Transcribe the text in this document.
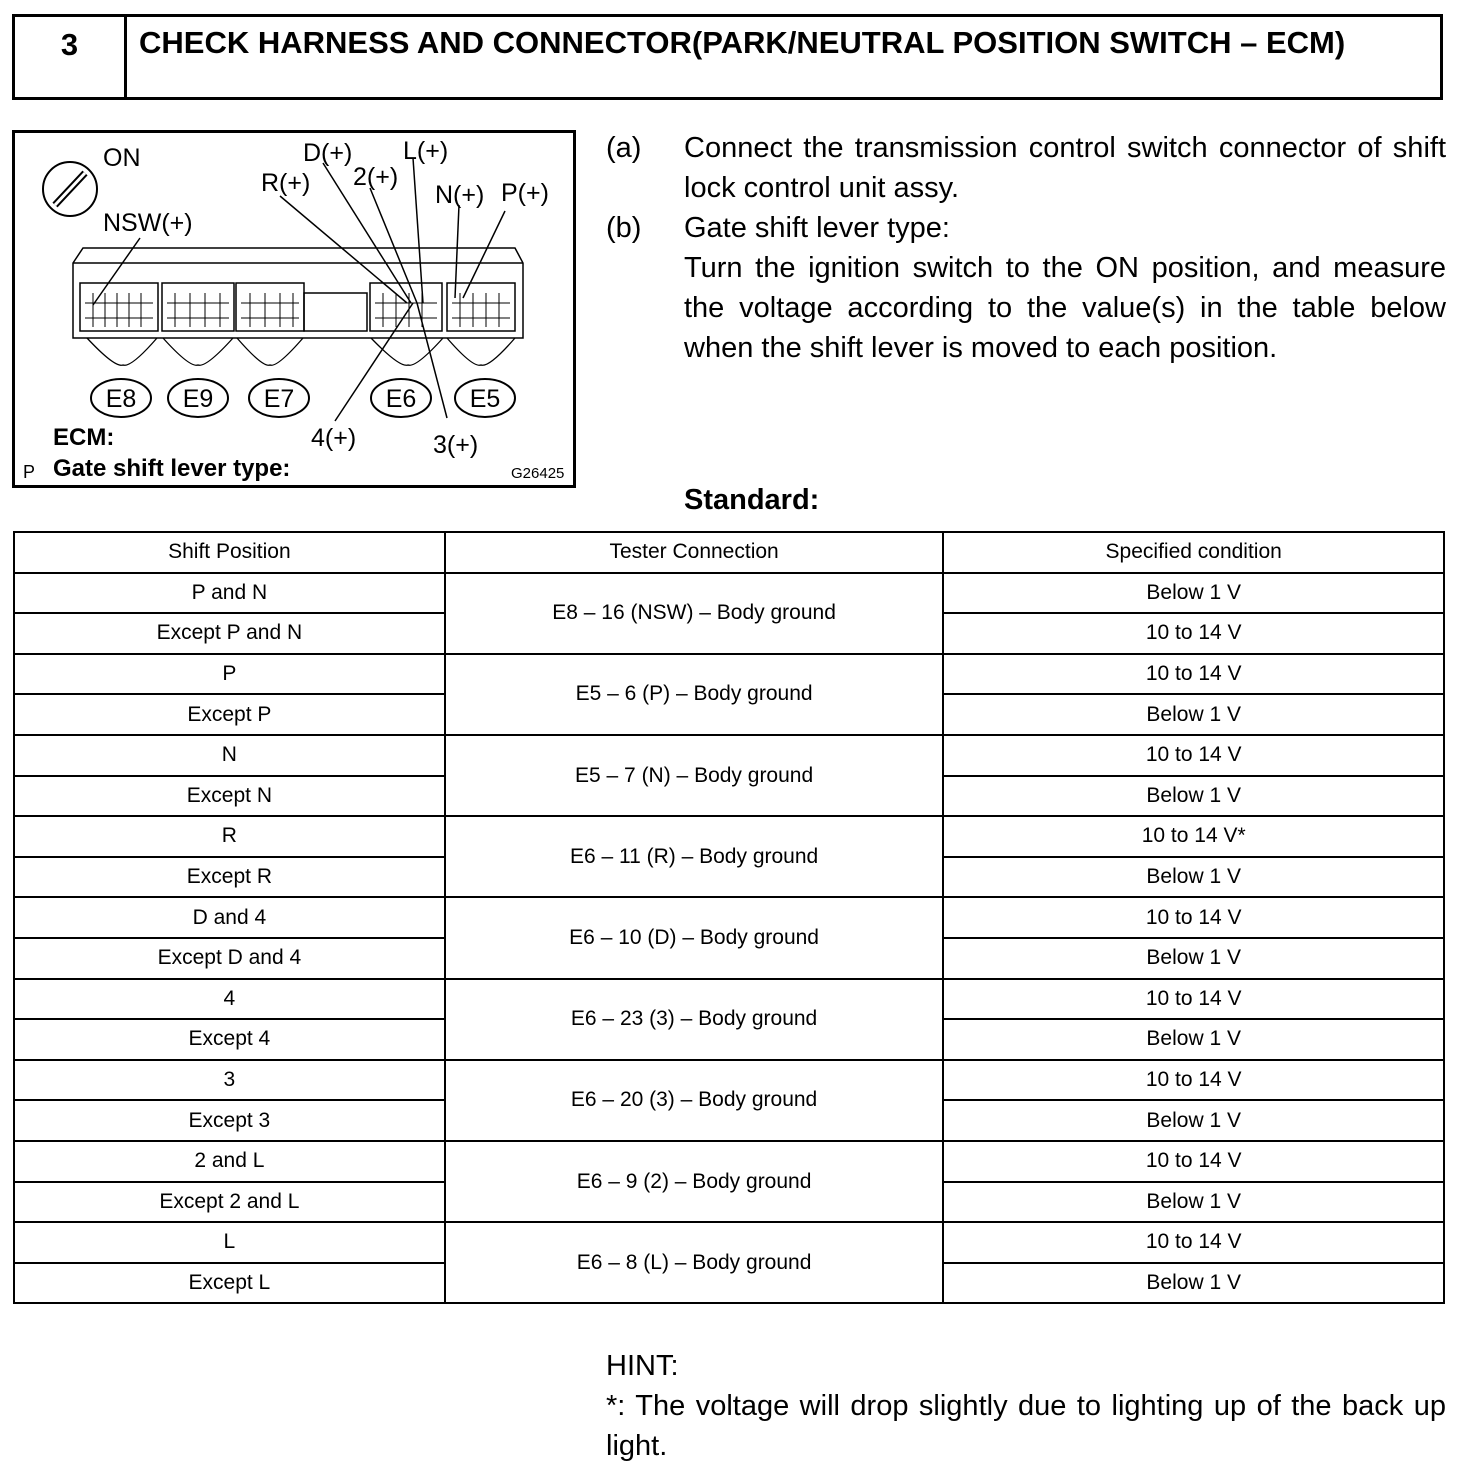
3	CHECK HARNESS AND CONNECTOR(PARK/NEUTRAL POSITION SWITCH – ECM)
ON
E8 E9 E7	E6 E5
NSW(+)
R(+)
D(+)
2(+)
L(+)
N(+) P(+)
4(+)	3(+)
ECM:
P Gate shift lever type:	G26425
(a)	Connect the transmission control switch connector of shift lock control unit assy.
(b)	Gate shift lever type:
Turn the ignition switch to the ON position, and measure the voltage according to the value(s) in the table below when the shift lever is moved to each position.
Standard:
Shift Position	Tester Connection	Specified condition
P and N	E8 – 16 (NSW) – Body ground	Below 1 V
Except P and N		10 to 14 V
P	E5 – 6 (P) – Body ground	10 to 14 V
Except P		Below 1 V
N	E5 – 7 (N) – Body ground	10 to 14 V
Except N		Below 1 V
R	E6 – 11 (R) – Body ground	10 to 14 V*
Except R		Below 1 V
D and 4	E6 – 10 (D) – Body ground	10 to 14 V
Except D and 4		Below 1 V
4	E6 – 23 (3) – Body ground	10 to 14 V
Except 4		Below 1 V
3	E6 – 20 (3) – Body ground	10 to 14 V
Except 3		Below 1 V
2 and L	E6 – 9 (2) – Body ground	10 to 14 V
Except 2 and L		Below 1 V
L	E6 – 8 (L) – Body ground	10 to 14 V
Except L		Below 1 V
HINT:
*: The voltage will drop slightly due to lighting up of the back up light.
